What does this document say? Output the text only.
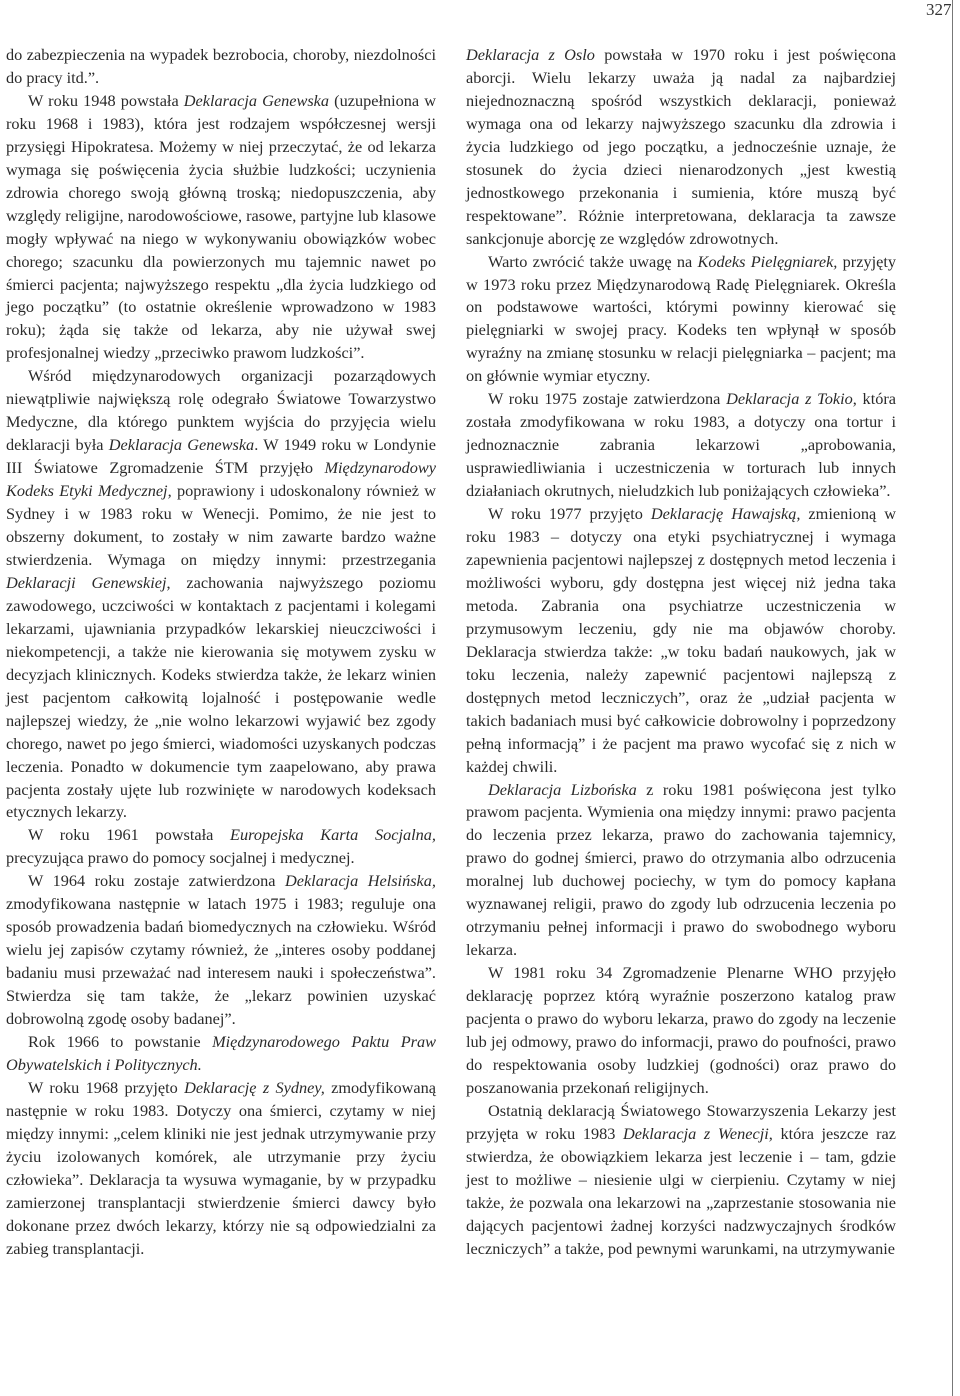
327

do zabezpieczenia na wypadek bezrobocia, choroby, niezdolności do pracy itd.”.

W roku 1948 powstała Deklaracja Genewska (uzupełniona w roku 1968 i 1983), która jest rodzajem współczesnej wersji przysięgi Hipokratesa. Możemy w niej przeczytać, że od lekarza wymaga się poświęcenia życia służbie ludzkości; uczynienia zdrowia chorego swoją główną troską; niedopuszczenia, aby względy religijne, narodowościowe, rasowe, partyjne lub klasowe mogły wpływać na niego w wykonywaniu obowiązków wobec chorego; szacunku dla powierzonych mu tajemnic nawet po śmierci pacjenta; najwyższego respektu „dla życia ludzkiego od jego początku” (to ostatnie określenie wprowadzono w 1983 roku); żąda się także od lekarza, aby nie używał swej profesjonalnej wiedzy „przeciwko prawom ludzkości”.

Wśród międzynarodowych organizacji pozarządowych niewątpliwie największą rolę odegrało Światowe Towarzystwo Medyczne, dla którego punktem wyjścia do przyjęcia wielu deklaracji była Deklaracja Genewska. W 1949 roku w Londynie III Światowe Zgromadzenie ŚTM przyjęło Międzynarodowy Kodeks Etyki Medycznej, poprawiony i udoskonalony również w Sydney i w 1983 roku w Wenecji. Pomimo, że nie jest to obszerny dokument, to zostały w nim zawarte bardzo ważne stwierdzenia. Wymaga on między innymi: przestrzegania Deklaracji Genewskiej, zachowania najwyższego poziomu zawodowego, uczciwości w kontaktach z pacjentami i kolegami lekarzami, ujawniania przypadków lekarskiej nieuczciwości i niekompetencji, a także nie kierowania się motywem zysku w decyzjach klinicznych. Kodeks stwierdza także, że lekarz winien jest pacjentom całkowitą lojalność i postępowanie wedle najlepszej wiedzy, że „nie wolno lekarzowi wyjawić bez zgody chorego, nawet po jego śmierci, wiadomości uzyskanych podczas leczenia. Ponadto w dokumencie tym zaapelowano, aby prawa pacjenta zostały ujęte lub rozwinięte w narodowych kodeksach etycznych lekarzy.

W roku 1961 powstała Europejska Karta Socjalna, precyzująca prawo do pomocy socjalnej i medycznej.

W 1964 roku zostaje zatwierdzona Deklaracja Helsińska, zmodyfikowana następnie w latach 1975 i 1983; reguluje ona sposób prowadzenia badań biomedycznych na człowieku. Wśród wielu jej zapisów czytamy również, że „interes osoby poddanej badaniu musi przeważać nad interesem nauki i społeczeństwa”. Stwierdza się tam także, że „lekarz powinien uzyskać dobrowolną zgodę osoby badanej”.

Rok 1966 to powstanie Międzynarodowego Paktu Praw Obywatelskich i Politycznych.

W roku 1968 przyjęto Deklarację z Sydney, zmodyfikowaną następnie w roku 1983. Dotyczy ona śmierci, czytamy w niej między innymi: „celem kliniki nie jest jednak utrzymywanie przy życiu izolowanych komórek, ale utrzymanie przy życiu człowieka”. Deklaracja ta wysuwa wymaganie, by w przypadku zamierzonej transplantacji stwierdzenie śmierci dawcy było dokonane przez dwóch lekarzy, którzy nie są odpowiedzialni za zabieg transplantacji.

Deklaracja z Oslo powstała w 1970 roku i jest poświęcona aborcji. Wielu lekarzy uważa ją nadal za najbardziej niejednoznaczną spośród wszystkich deklaracji, ponieważ wymaga ona od lekarzy najwyższego szacunku dla zdrowia i życia ludzkiego od jego początku, a jednocześnie uznaje, że stosunek do życia dzieci nienarodzonych „jest kwestią jednostkowego przekonania i sumienia, które muszą być respektowane”. Różnie interpretowana, deklaracja ta zawsze sankcjonuje aborcję ze względów zdrowotnych.

Warto zwrócić także uwagę na Kodeks Pielęgniarek, przyjęty w 1973 roku przez Międzynarodową Radę Pielęgniarek. Określa on podstawowe wartości, którymi powinny kierować się pielęgniarki w swojej pracy. Kodeks ten wpłynął w sposób wyraźny na zmianę stosunku w relacji pielęgniarka – pacjent; ma on głównie wymiar etyczny.

W roku 1975 zostaje zatwierdzona Deklaracja z Tokio, która została zmodyfikowana w roku 1983, a dotyczy ona tortur i jednoznacznie zabrania lekarzowi „aprobowania, usprawiedliwiania i uczestniczenia w torturach lub innych działaniach okrutnych, nieludzkich lub poniżających człowieka”.

W roku 1977 przyjęto Deklarację Hawajską, zmienioną w roku 1983 – dotyczy ona etyki psychiatrycznej i wymaga zapewnienia pacjentowi najlepszej z dostępnych metod leczenia i możliwości wyboru, gdy dostępna jest więcej niż jedna taka metoda. Zabrania ona psychiatrze uczestniczenia w przymusowym leczeniu, gdy nie ma objawów choroby. Deklaracja stwierdza także: „w toku badań naukowych, jak w toku leczenia, należy zapewnić pacjentowi najlepszą z dostępnych metod leczniczych”, oraz że „udział pacjenta w takich badaniach musi być całkowicie dobrowolny i poprzedzony pełną informacją” i że pacjent ma prawo wycofać się z nich w każdej chwili.

Deklaracja Lizbońska z roku 1981 poświęcona jest tylko prawom pacjenta. Wymienia ona między innymi: prawo pacjenta do leczenia przez lekarza, prawo do zachowania tajemnicy, prawo do godnej śmierci, prawo do otrzymania albo odrzucenia moralnej lub duchowej pociechy, w tym do pomocy kapłana wyznawanej religii, prawo do zgody lub odrzucenia leczenia po otrzymaniu pełnej informacji i prawo do swobodnego wyboru lekarza.

W 1981 roku 34 Zgromadzenie Plenarne WHO przyjęło deklarację poprzez którą wyraźnie poszerzono katalog praw pacjenta o prawo do wyboru lekarza, prawo do zgody na leczenie lub jej odmowy, prawo do informacji, prawo do poufności, prawo do respektowania osoby ludzkiej (godności) oraz prawo do poszanowania przekonań religijnych.

Ostatnią deklaracją Światowego Stowarzyszenia Lekarzy jest przyjęta w roku 1983 Deklaracja z Wenecji, która jeszcze raz stwierdza, że obowiązkiem lekarza jest leczenie i – tam, gdzie jest to możliwe – niesienie ulgi w cierpieniu. Czytamy w niej także, że pozwala ona lekarzowi na „zaprzestanie stosowania nie dających pacjentowi żadnej korzyści nadzwyczajnych środków leczniczych” a także, pod pewnymi warunkami, na utrzymywanie
